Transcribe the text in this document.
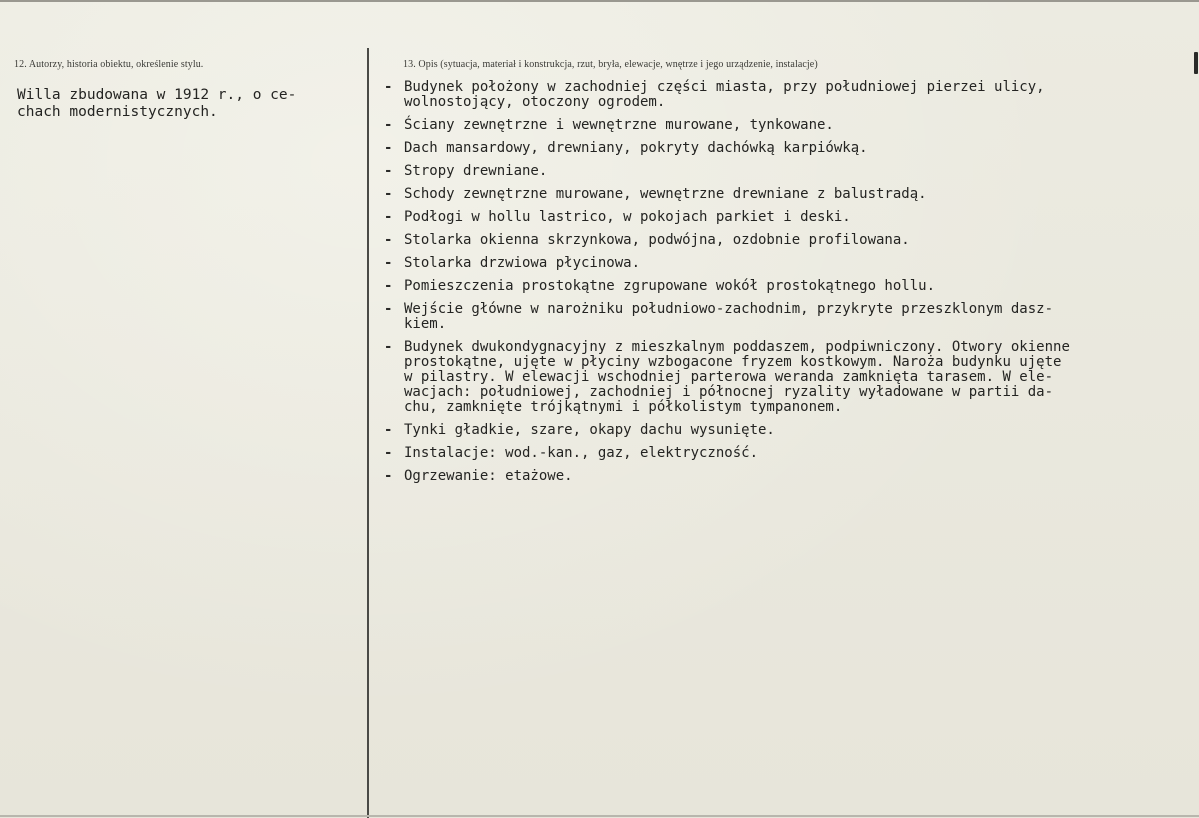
12. Autorzy, historia obiektu, określenie stylu.	13. Opis (sytuacja, materiał i konstrukcja, rzut, bryła, elewacje, wnętrze i jego urządzenie, instalacje)
Willa zbudowana w 1912 r., o ce-
chach modernistycznych.
- Budynek położony w zachodniej części miasta, przy południowej pierzei ulicy,
wolnostojący, otoczony ogrodem.
- Ściany zewnętrzne i wewnętrzne murowane, tynkowane.
- Dach mansardowy, drewniany, pokryty dachówką karpiówką.
- Stropy drewniane.
- Schody zewnętrzne murowane, wewnętrzne drewniane z balustradą.
- Podłogi w hollu lastrico, w pokojach parkiet i deski.
- Stolarka okienna skrzynkowa, podwójna, ozdobnie profilowana.
- Stolarka drzwiowa płycinowa.
- Pomieszczenia prostokątne zgrupowane wokół prostokątnego hollu.
- Wejście główne w narożniku południowo-zachodnim, przykryte przeszklonym dasz-
kiem.
- Budynek dwukondygnacyjny z mieszkalnym poddaszem, podpiwniczony. Otwory okienne
prostokątne, ujęte w płyciny wzbogacone fryzem kostkowym. Naroża budynku ujęte
w pilastry. W elewacji wschodniej parterowa weranda zamknięta tarasem. W ele-
wacjach: południowej, zachodniej i północnej ryzality wyładowane w partii da-
chu, zamknięte trójkątnymi i półkolistym tympanonem.
- Tynki gładkie, szare, okapy dachu wysunięte.
- Instalacje: wod.-kan., gaz, elektryczność.
- Ogrzewanie: etażowe.
